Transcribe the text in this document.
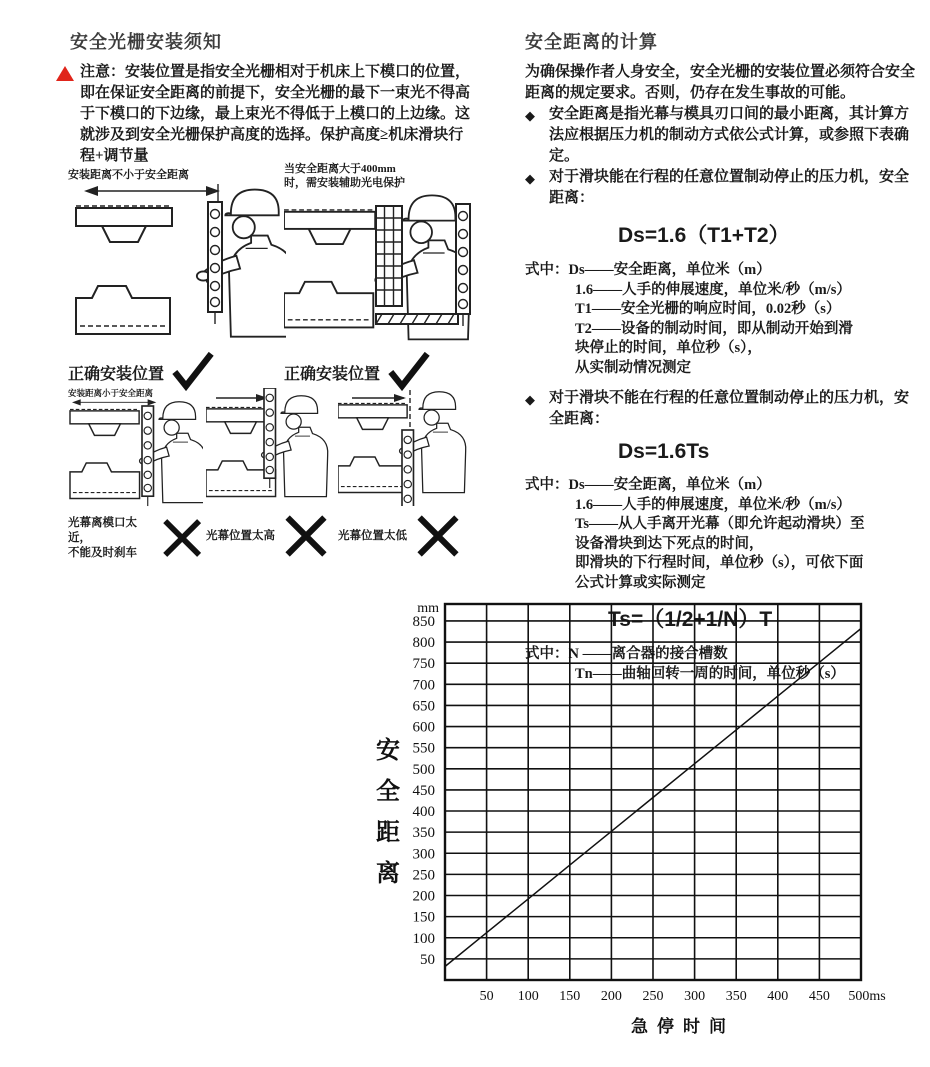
安全光栅安装须知

注意：安装位置是指安全光栅相对于机床上下模口的位置，即在保证安全距离的前提下，安全光栅的最下一束光不得高于下模口的下边缘，最上束光不得低于上模口的上边缘。这就涉及到安全光栅保护高度的选择。保护高度≥机床滑块行程+调节量

安装距离不小于安全距离
正确安装位置
当安全距离大于400mm
时，需安装辅助光电保护
正确安装位置
安装距离小于安全距离
光幕离模口太近，
不能及时刹车
光幕位置太高	光幕位置太低
安全距离的计算

为确保操作者人身安全，安全光栅的安装位置必须符合安全距离的规定要求。否则，仍存在发生事故的可能。

◆ 安全距离是指光幕与模具刃口间的最小距离，其计算方法应根据压力机的制动方式依公式计算，或参照下表确定。
◆ 对于滑块能在行程的任意位置制动停止的压力机，安全距离：
Ds=1.6（T1+T2）
式中：Ds——安全距离，单位米（m）
1.6——人手的伸展速度，单位米/秒（m/s）
T1——安全光栅的响应时间，0.02秒（s）
T2——设备的制动时间，即从制动开始到滑
块停止的时间，单位秒（s），
从实制动情况测定
◆ 对于滑块不能在行程的任意位置制动停止的压力机，安全距离：
Ds=1.6Ts
式中：Ds——安全距离，单位米（m）
1.6——人手的伸展速度，单位米/秒（m/s）
Ts——从人手离开光幕（即允许起动滑块）至
设备滑块到达下死点的时间，
即滑块的下行程时间，单位秒（s），可依下面
公式计算或实际测定
Ts=（1/2+1/N）T
式中：N ——离合器的接合槽数
Tn——曲轴回转一周的时间，单位秒（s）
50
100
150
200
250
300
350
400
450
500
550
600
650
700
750
800
850
mm
50 100 150 200 250 300 350 400 450 500ms
安
全
距
离
急停时间
